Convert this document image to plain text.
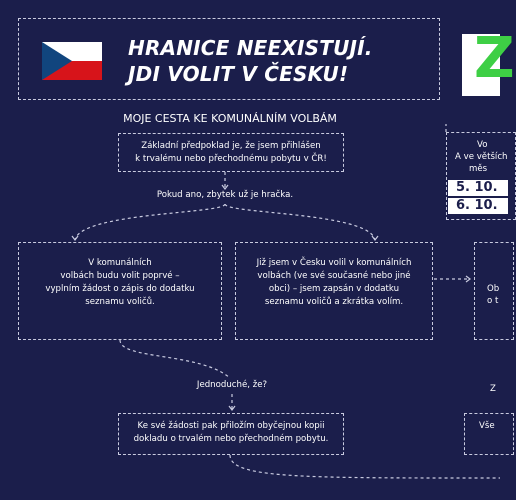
HRANICE NEEXISTUJÍ.
JDI VOLIT V ČESKU! Z
MOJE CESTA KE KOMUNÁLNÍM VOLBÁM

Základní předpoklad je, že jsem přihlášen

k trvalému nebo přechodnému pobytu v ČR!

Pokud ano, zbytek už je hračka.

V komunálních

volbách budu volit poprvé –

vyplním žádost o zápis do dodatku

seznamu voličů.

Již jsem v Česku volil v komunálních

volbách (ve své současné nebo jiné

obci) – jsem zapsán v dodatku

seznamu voličů a zkrátka volím.

Jednoduché, že?

Ke své žádosti pak přiložím obyčejnou kopii

dokladu o trvalém nebo přechodném pobytu.

Vo
A ve větších
měs
5. 10.
6. 10.
Ob
o t
Z
Vše
